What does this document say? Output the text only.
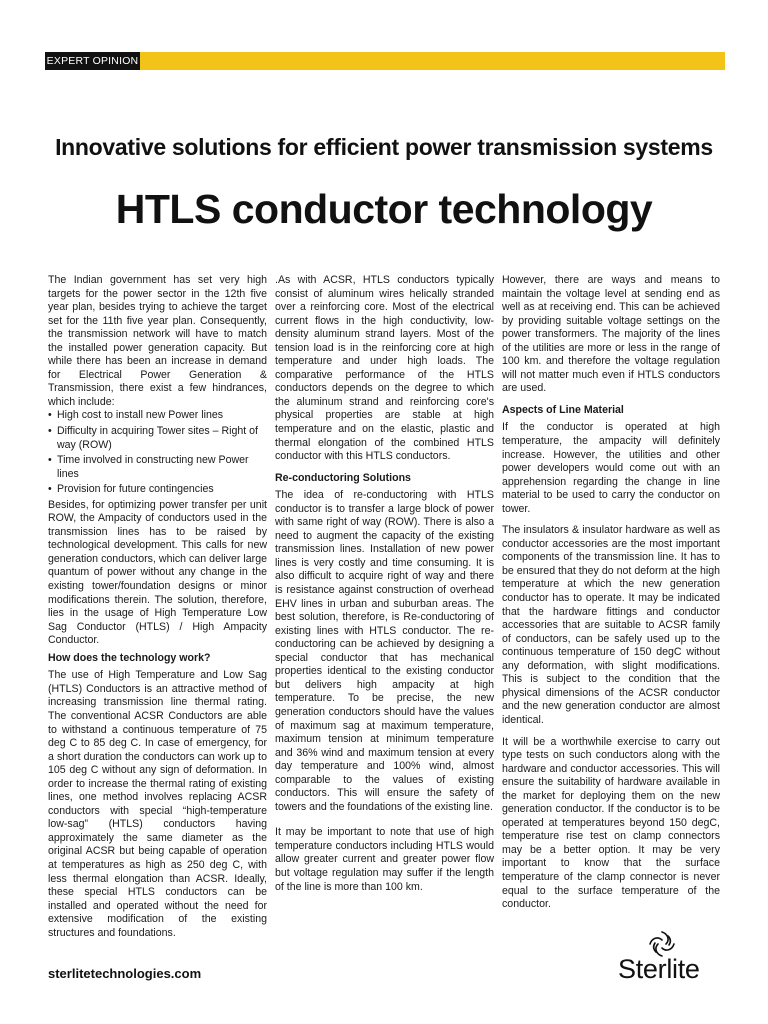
EXPERT OPINION
Innovative solutions for efficient power transmission systems
HTLS conductor technology

The Indian government has set very high targets for the power sector in the 12th five year plan, besides trying to achieve the target set for the 11th five year plan. Consequently, the transmission network will have to match the installed power generation capacity. But while there has been an increase in demand for Electrical Power Generation & Transmission, there exist a few hindrances, which include:

• High cost to install new Power lines
• Difficulty in acquiring Tower sites – Right of way (ROW)
• Time involved in constructing new Power lines
• Provision for future contingencies

Besides, for optimizing power transfer per unit ROW, the Ampacity of conductors used in the transmission lines has to be raised by technological development. This calls for new generation conductors, which can deliver large quantum of power without any change in the existing tower/foundation designs or minor modifications therein. The solution, therefore, lies in the usage of High Temperature Low Sag Conductor (HTLS) / High Ampacity Conductor.

How does the technology work?

The use of High Temperature and Low Sag (HTLS) Conductors is an attractive method of increasing transmission line thermal rating. The conventional ACSR Conductors are able to withstand a continuous temperature of 75 deg C to 85 deg C. In case of emergency, for a short duration the conductors can work up to 105 deg C without any sign of deformation. In order to increase the thermal rating of existing lines, one method involves replacing ACSR conductors with special “high-temperature low-sag” (HTLS) conductors having approximately the same diameter as the original ACSR but being capable of operation at temperatures as high as 250 deg C, with less thermal elongation than ACSR. Ideally, these special HTLS conductors can be installed and operated without the need for extensive modification of the existing structures and foundations.

.As with ACSR, HTLS conductors typically consist of aluminum wires helically stranded over a reinforcing core. Most of the electrical current flows in the high conductivity, low-density aluminum strand layers. Most of the tension load is in the reinforcing core at high temperature and under high loads. The comparative performance of the HTLS conductors depends on the degree to which the aluminum strand and reinforcing core's physical properties are stable at high temperature and on the elastic, plastic and thermal elongation of the combined HTLS conductor with this HTLS conductors.

Re-conductoring Solutions

The idea of re-conductoring with HTLS conductor is to transfer a large block of power with same right of way (ROW). There is also a need to augment the capacity of the existing transmission lines. Installation of new power lines is very costly and time consuming. It is also difficult to acquire right of way and there is resistance against construction of overhead EHV lines in urban and suburban areas. The best solution, therefore, is Re-conductoring of existing lines with HTLS conductor. The re-conductoring can be achieved by designing a special conductor that has mechanical properties identical to the existing conductor but delivers high ampacity at high temperature. To be precise, the new generation conductors should have the values of maximum sag at maximum temperature, maximum tension at minimum temperature and 36% wind and maximum tension at every day temperature and 100% wind, almost comparable to the values of existing conductors. This will ensure the safety of towers and the foundations of the existing line.

It may be important to note that use of high temperature conductors including HTLS would allow greater current and greater power flow but voltage regulation may suffer if the length of the line is more than 100 km.

However, there are ways and means to maintain the voltage level at sending end as well as at receiving end. This can be achieved by providing suitable voltage settings on the power transformers. The majority of the lines of the utilities are more or less in the range of 100 km. and therefore the voltage regulation will not matter much even if HTLS conductors are used.

Aspects of Line Material

If the conductor is operated at high temperature, the ampacity will definitely increase. However, the utilities and other power developers would come out with an apprehension regarding the change in line material to be used to carry the conductor on tower.

The insulators & insulator hardware as well as conductor accessories are the most important components of the transmission line. It has to be ensured that they do not deform at the high temperature at which the new generation conductor has to operate. It may be indicated that the hardware fittings and conductor accessories that are suitable to ACSR family of conductors, can be safely used up to the continuous temperature of 150 degC without any deformation, with slight modifications. This is subject to the condition that the physical dimensions of the ACSR conductor and the new generation conductor are almost identical.

It will be a worthwhile exercise to carry out type tests on such conductors along with the hardware and conductor accessories. This will ensure the suitability of hardware available in the market for deploying them on the new generation conductor. If the conductor is to be operated at temperatures beyond 150 degC, temperature rise test on clamp connectors may be a better option. It may be very important to know that the surface temperature of the clamp connector is never equal to the surface temperature of the conductor.

sterlitetechnologies.com	Sterlite
